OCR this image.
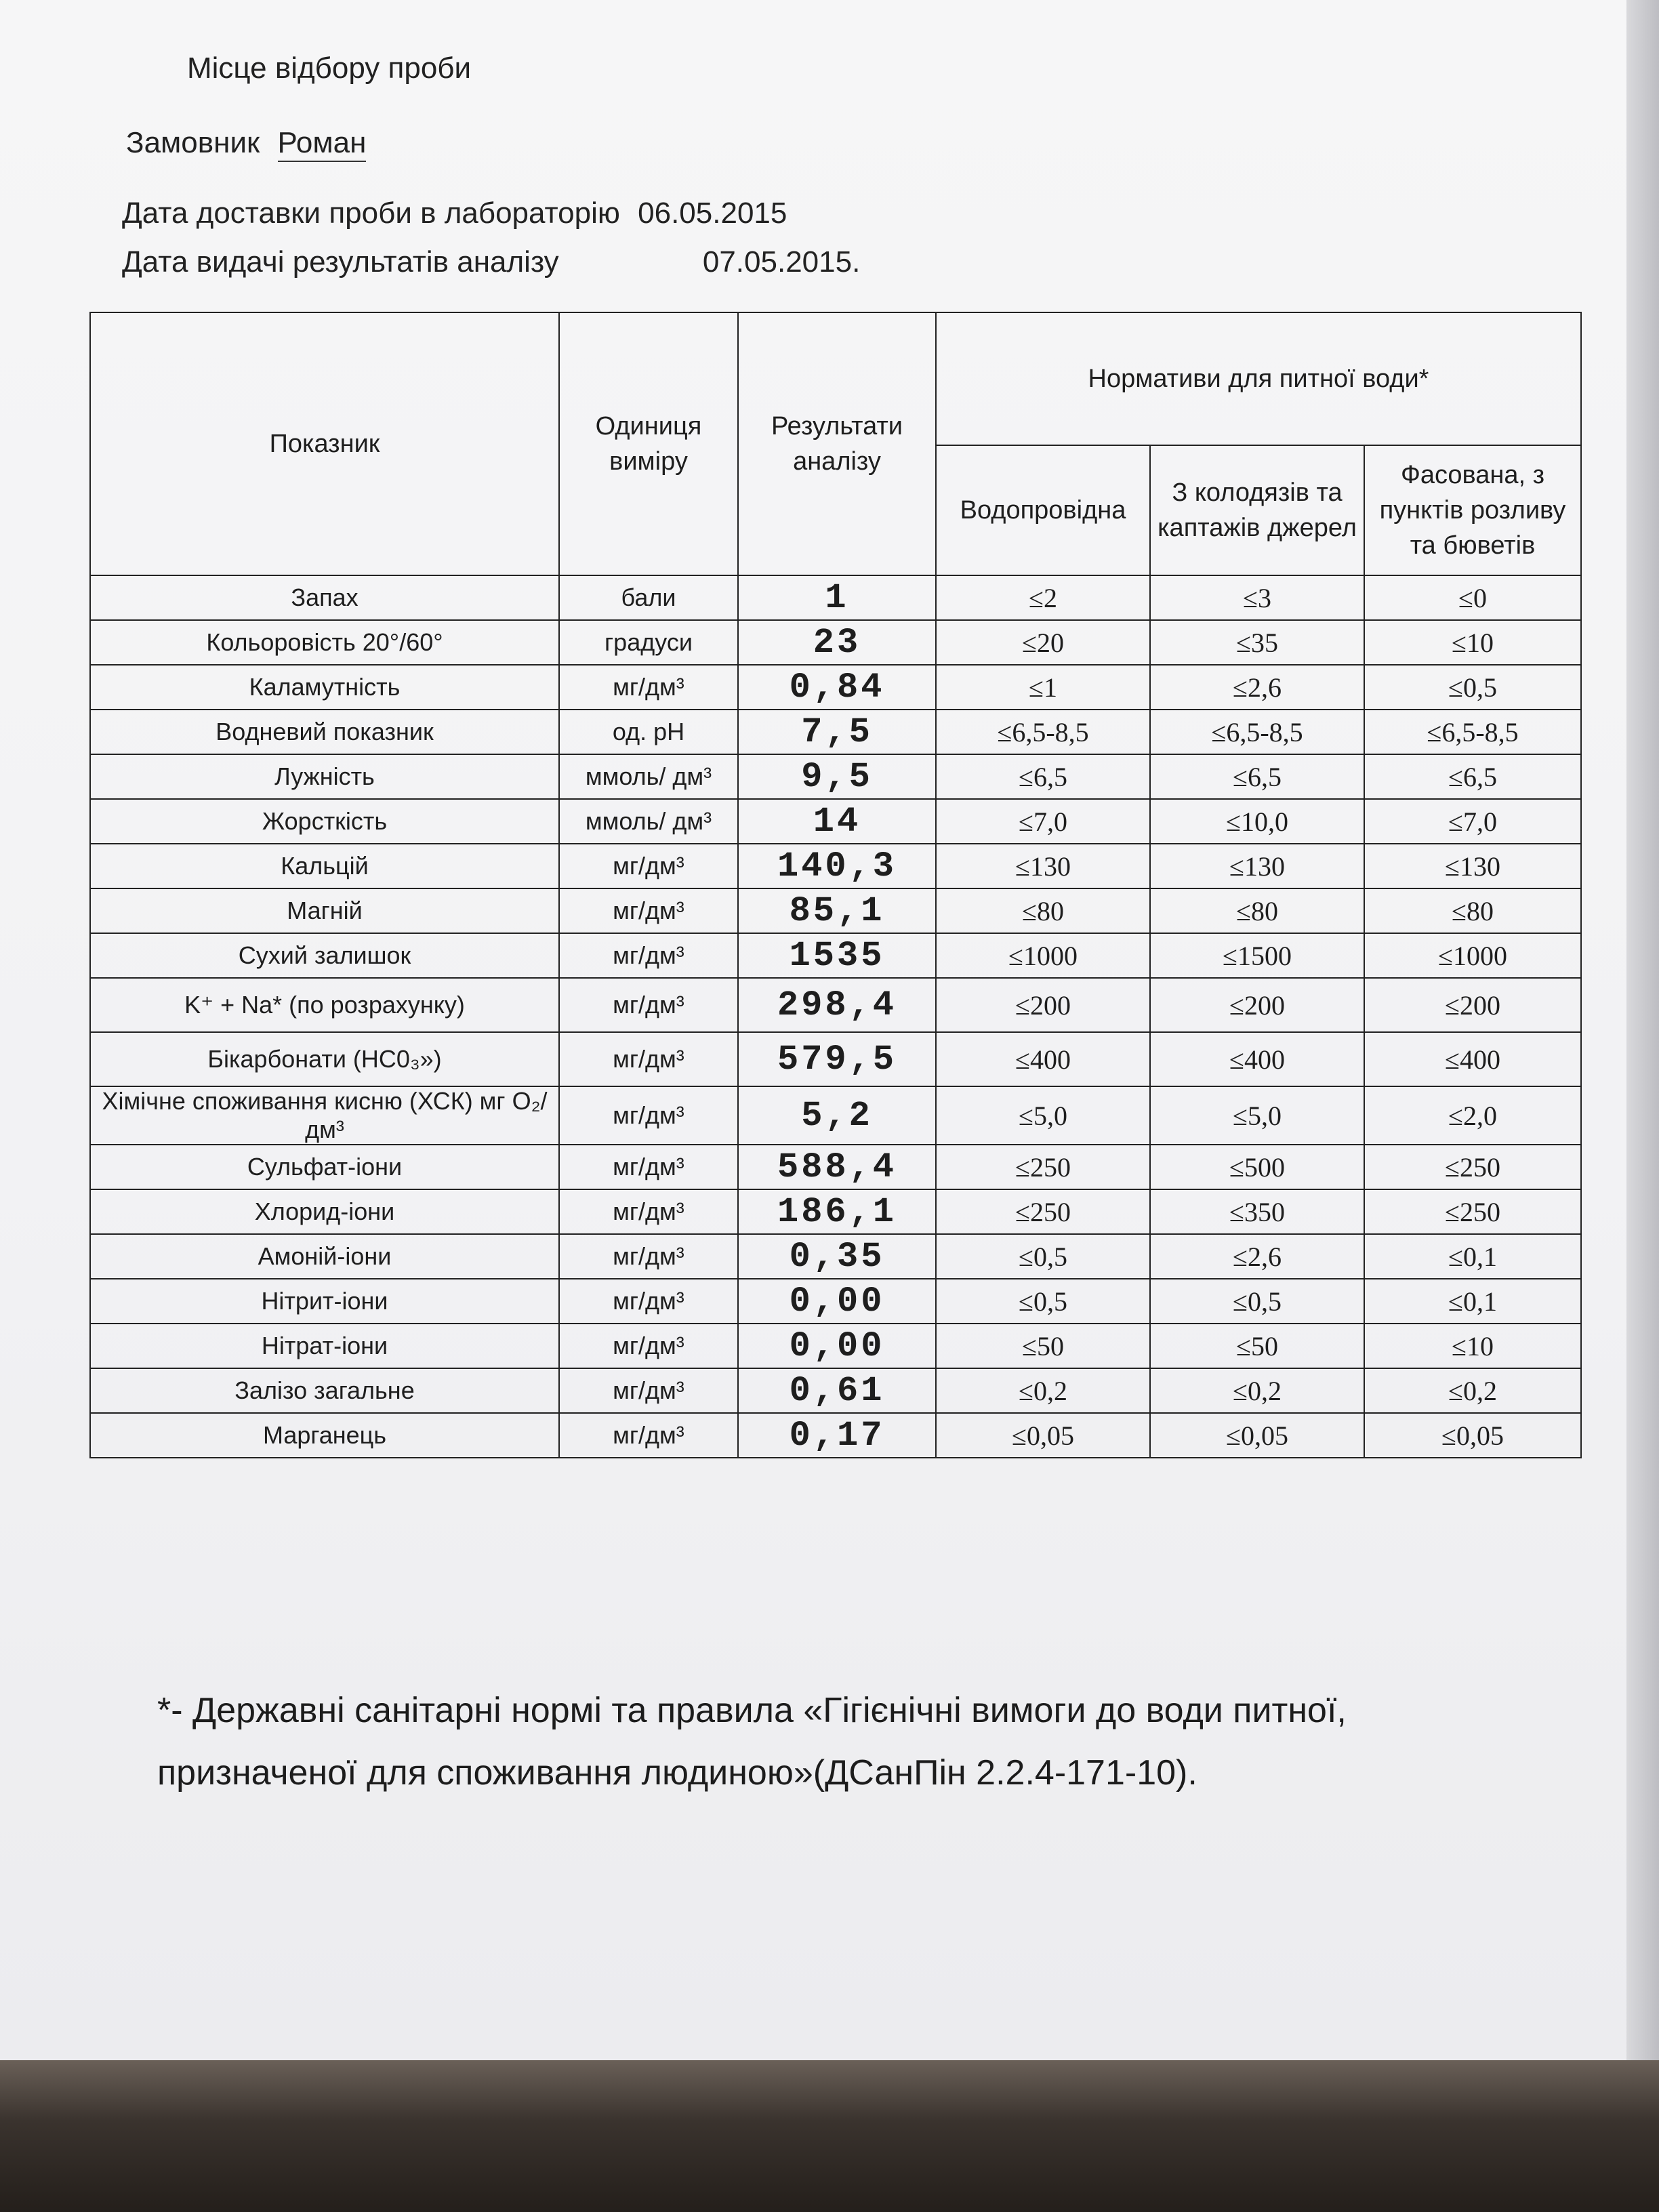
Місце відбору проби
Замовник Роман
Дата доставки проби в лабораторію 06.05.2015
Дата видачі результатів аналізу	07.05.2015.
Показник	Одиниця виміру	Результати аналізу	Нормативи для питної води*		
			Водопровідна	З колодязів та каптажів джерел	Фасована, з пунктів розливу та бюветів
Запах	бали	1	≤2	≤3	≤0
Кольоровість 20°/60°	градуси	23	≤20	≤35	≤10
Каламутність	мг/дм³	0,84	≤1	≤2,6	≤0,5
Водневий показник	од. pH	7,5	≤6,5-8,5	≤6,5-8,5	≤6,5-8,5
Лужність	ммоль/ дм³	9,5	≤6,5	≤6,5	≤6,5
Жорсткість	ммоль/ дм³	14	≤7,0	≤10,0	≤7,0
Кальцій	мг/дм³	140,3	≤130	≤130	≤130
Магній	мг/дм³	85,1	≤80	≤80	≤80
Сухий залишок	мг/дм³	1535	≤1000	≤1500	≤1000
K⁺ + Na* (по розрахунку)	мг/дм³	298,4	≤200	≤200	≤200
Бікарбонати (HC0₃»)	мг/дм³	579,5	≤400	≤400	≤400
Хімічне споживання кисню (ХСК) мг O₂/дм³	мг/дм³	5,2	≤5,0	≤5,0	≤2,0
Сульфат-іони	мг/дм³	588,4	≤250	≤500	≤250
Хлорид-іони	мг/дм³	186,1	≤250	≤350	≤250
Амоній-іони	мг/дм³	0,35	≤0,5	≤2,6	≤0,1
Нітрит-іони	мг/дм³	0,00	≤0,5	≤0,5	≤0,1
Нітрат-іони	мг/дм³	0,00	≤50	≤50	≤10
Залізо загальне	мг/дм³	0,61	≤0,2	≤0,2	≤0,2
Марганець	мг/дм³	0,17	≤0,05	≤0,05	≤0,05
*- Державні санітарні нормі та правила «Гігієнічні вимоги до води питної,
призначеної для споживання людиною»(ДСанПін 2.2.4-171-10).
